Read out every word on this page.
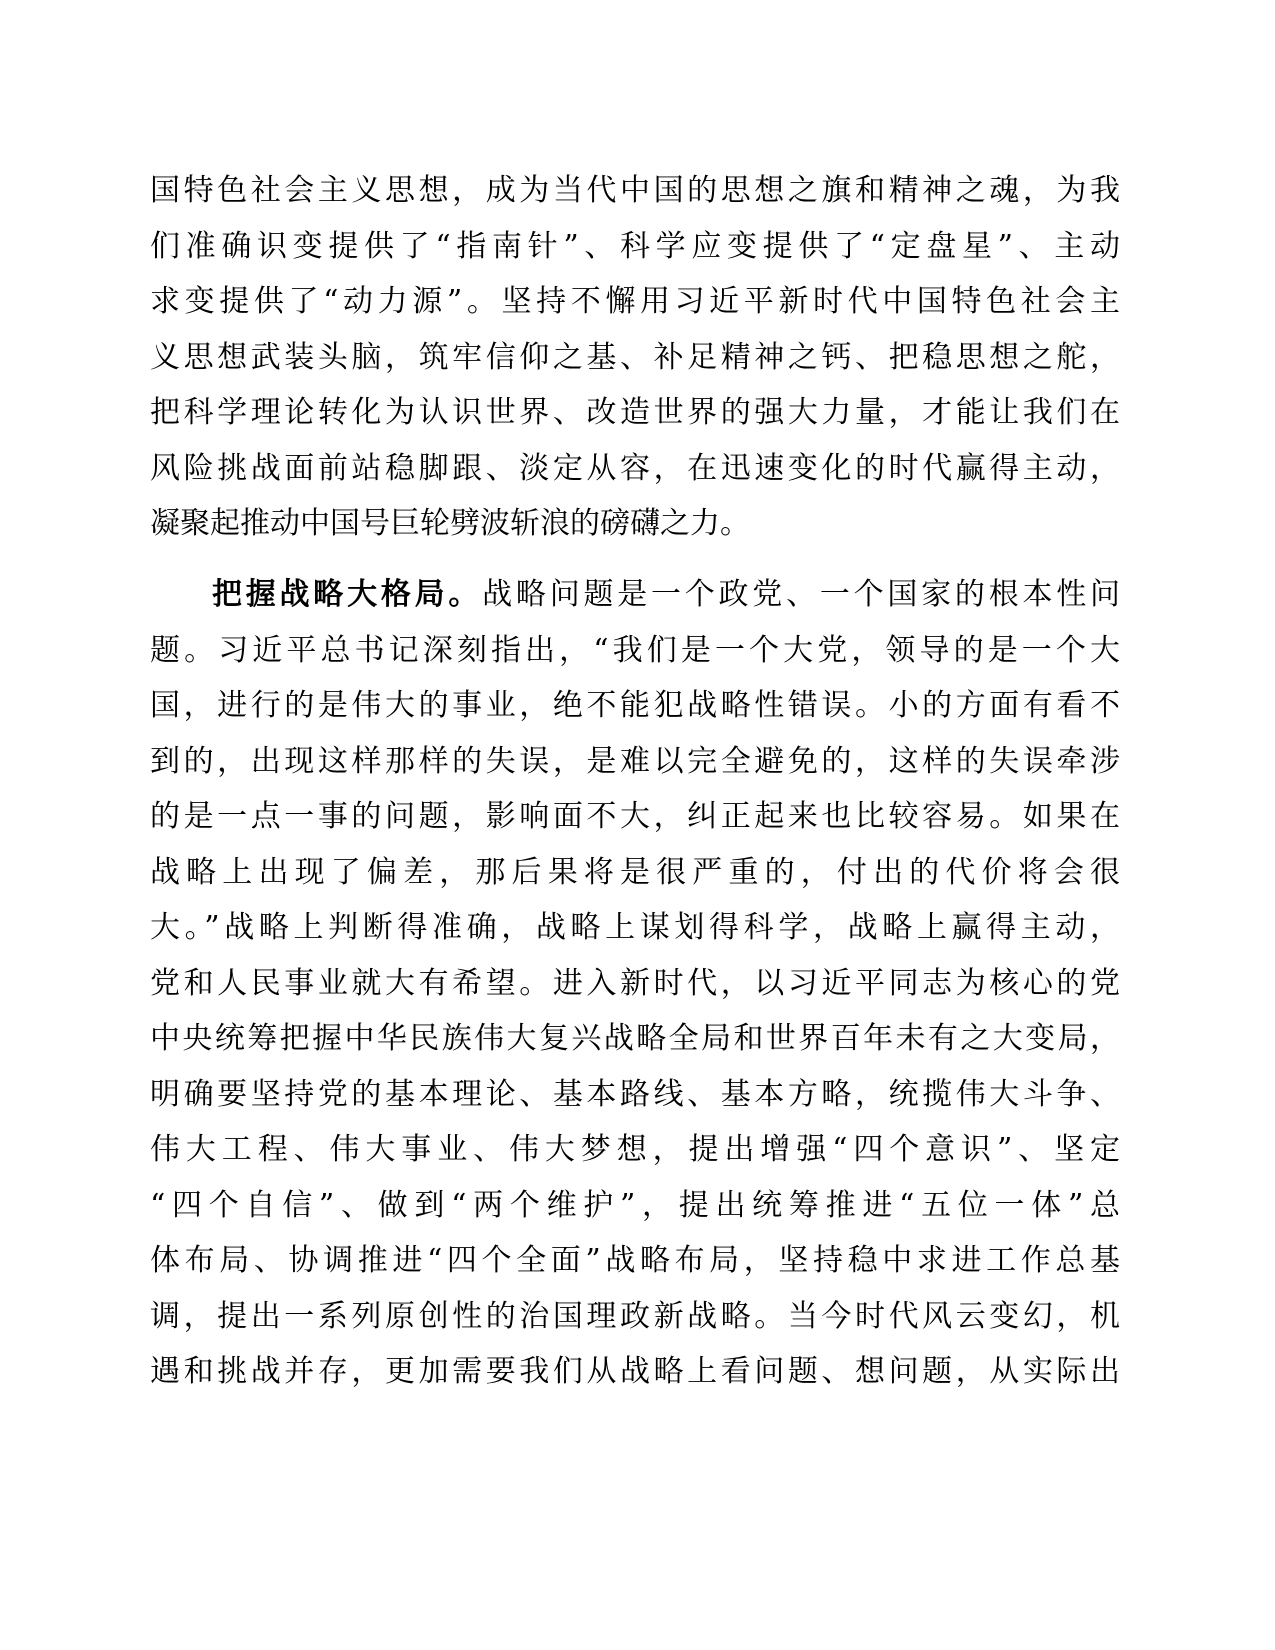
国特色社会主义思想，成为当代中国的思想之旗和精神之魂，为我
们准确识变提供了“指南针”、科学应变提供了“定盘星”、主动
求变提供了“动力源”。坚持不懈用习近平新时代中国特色社会主
义思想武装头脑，筑牢信仰之基、补足精神之钙、把稳思想之舵，
把科学理论转化为认识世界、改造世界的强大力量，才能让我们在
风险挑战面前站稳脚跟、淡定从容，在迅速变化的时代赢得主动，
凝聚起推动中国号巨轮劈波斩浪的磅礴之力。
把握战略大格局。战略问题是一个政党、一个国家的根本性问
题。习近平总书记深刻指出，“我们是一个大党，领导的是一个大
国，进行的是伟大的事业，绝不能犯战略性错误。小的方面有看不
到的，出现这样那样的失误，是难以完全避免的，这样的失误牵涉
的是一点一事的问题，影响面不大，纠正起来也比较容易。如果在
战略上出现了偏差，那后果将是很严重的，付出的代价将会很
大。”战略上判断得准确，战略上谋划得科学，战略上赢得主动，
党和人民事业就大有希望。进入新时代，以习近平同志为核心的党
中央统筹把握中华民族伟大复兴战略全局和世界百年未有之大变局，
明确要坚持党的基本理论、基本路线、基本方略，统揽伟大斗争、
伟大工程、伟大事业、伟大梦想，提出增强“四个意识”、坚定
“四个自信”、做到“两个维护”，提出统筹推进“五位一体”总
体布局、协调推进“四个全面”战略布局，坚持稳中求进工作总基
调，提出一系列原创性的治国理政新战略。当今时代风云变幻，机
遇和挑战并存，更加需要我们从战略上看问题、想问题，从实际出
